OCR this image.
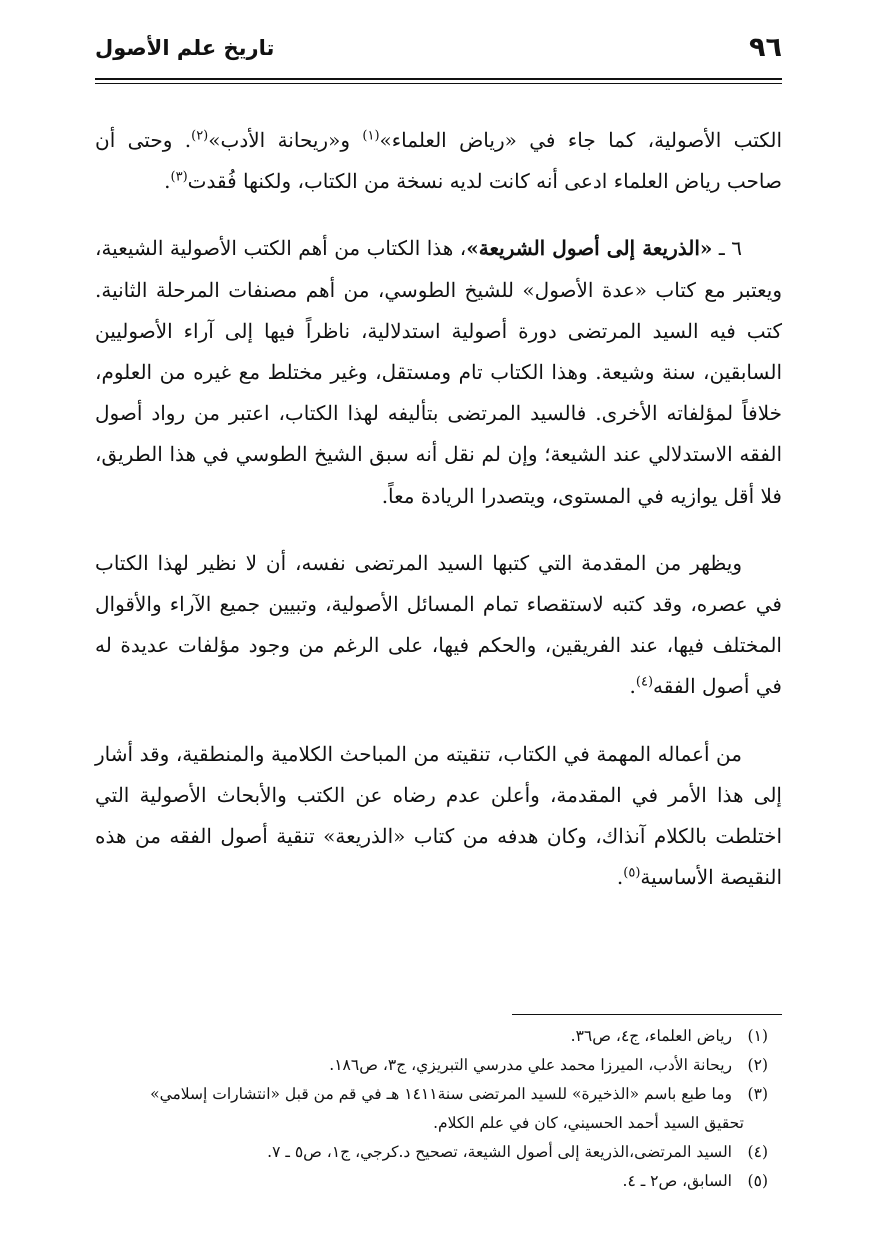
٩٦
تاريخ علم الأصول

الكتب الأصولية، كما جاء في «رياض العلماء»$^{(١)}$ و«ريحانة الأدب»$^{(٢)}$. وحتى أن صاحب رياض العلماء ادعى أنه كانت لديه نسخة من الكتاب، ولكنها فُقدت$^{(٣)}$.

٦ ـ «الذريعة إلى أصول الشريعة»، هذا الكتاب من أهم الكتب الأصولية الشيعية، ويعتبر مع كتاب «عدة الأصول» للشيخ الطوسي، من أهم مصنفات المرحلة الثانية. كتب فيه السيد المرتضى دورة أصولية استدلالية، ناظراً فيها إلى آراء الأصوليين السابقين، سنة وشيعة. وهذا الكتاب تام ومستقل، وغير مختلط مع غيره من العلوم، خلافاً لمؤلفاته الأخرى. فالسيد المرتضى بتأليفه لهذا الكتاب، اعتبر من رواد أصول الفقه الاستدلالي عند الشيعة؛ وإن لم نقل أنه سبق الشيخ الطوسي في هذا الطريق، فلا أقل يوازيه في المستوى، ويتصدرا الريادة معاً.

ويظهر من المقدمة التي كتبها السيد المرتضى نفسه، أن لا نظير لهذا الكتاب في عصره، وقد كتبه لاستقصاء تمام المسائل الأصولية، وتبيين جميع الآراء والأقوال المختلف فيها، عند الفريقين، والحكم فيها، على الرغم من وجود مؤلفات عديدة له في أصول الفقه$^{(٤)}$.

من أعماله المهمة في الكتاب، تنقيته من المباحث الكلامية والمنطقية، وقد أشار إلى هذا الأمر في المقدمة، وأعلن عدم رضاه عن الكتب والأبحاث الأصولية التي اختلطت بالكلام آنذاك، وكان هدفه من كتاب «الذريعة» تنقية أصول الفقه من هذه النقيصة الأساسية$^{(٥)}$.

(١)رياض العلماء، ج٤، ص٣٦.

(٢)ريحانة الأدب، الميرزا محمد علي مدرسي التبريزي، ج٣، ص١٨٦.

(٣)وما طبع باسم «الذخيرة» للسيد المرتضى سنة١٤١١ هـ في قم من قبل «انتشارات إسلامي»

تحقيق السيد أحمد الحسيني، كان في علم الكلام.

(٤)السيد المرتضى،الذريعة إلى أصول الشيعة، تصحيح د.كرجي، ج١، ص٥ ـ ٧.

(٥)السابق، ص٢ ـ ٤.
